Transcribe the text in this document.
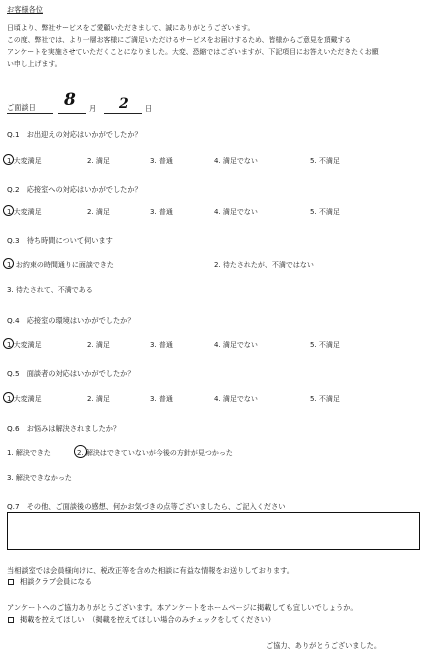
お客様各位
日頃より、弊社サービスをご愛顧いただきまして、誠にありがとうございます。
この度、弊社では、より一層お客様にご満足いただけるサービスをお届けするため、皆様からご意見を頂戴する
アンケートを実施させていただくことになりました。大変、恐縮ではございますが、下記項目にお答えいただきたくお願
い申し上げます。
ご面談日 8 月 2 日
Q.1　お出迎えの対応はいかがでしたか？
1.大変満足	2. 満足	3. 普通	4. 満足でない	5. 不満足
Q.2　応接室への対応はいかがでしたか？
1.大変満足	2. 満足	3. 普通	4. 満足でない	5. 不満足
Q.3　待ち時間について伺います
1. お約束の時間通りに面談できた	2. 待たされたが、不満ではない
3. 待たされて、不満である
Q.4　応接室の環境はいかがでしたか？
1.大変満足	2. 満足	3. 普通	4. 満足でない	5. 不満足
Q.5　面談者の対応はいかがでしたか？
1.大変満足	2. 満足	3. 普通	4. 満足でない	5. 不満足
Q.6　お悩みは解決されましたか？
1. 解決できた	2. 解決はできていないが今後の方針が見つかった
3. 解決できなかった
Q.7　その他、ご面談後の感想、何かお気づきの点等ございましたら、ご記入ください
当相談室では会員様向けに、税改正等を含めた相談に有益な情報をお送りしております。
相談クラブ会員になる
アンケートへのご協力ありがとうございます。本アンケートをホームページに掲載しても宜しいでしょうか。
掲載を控えてほしい　（掲載を控えてほしい場合のみチェックをしてください）
ご協力、ありがとうございました。
